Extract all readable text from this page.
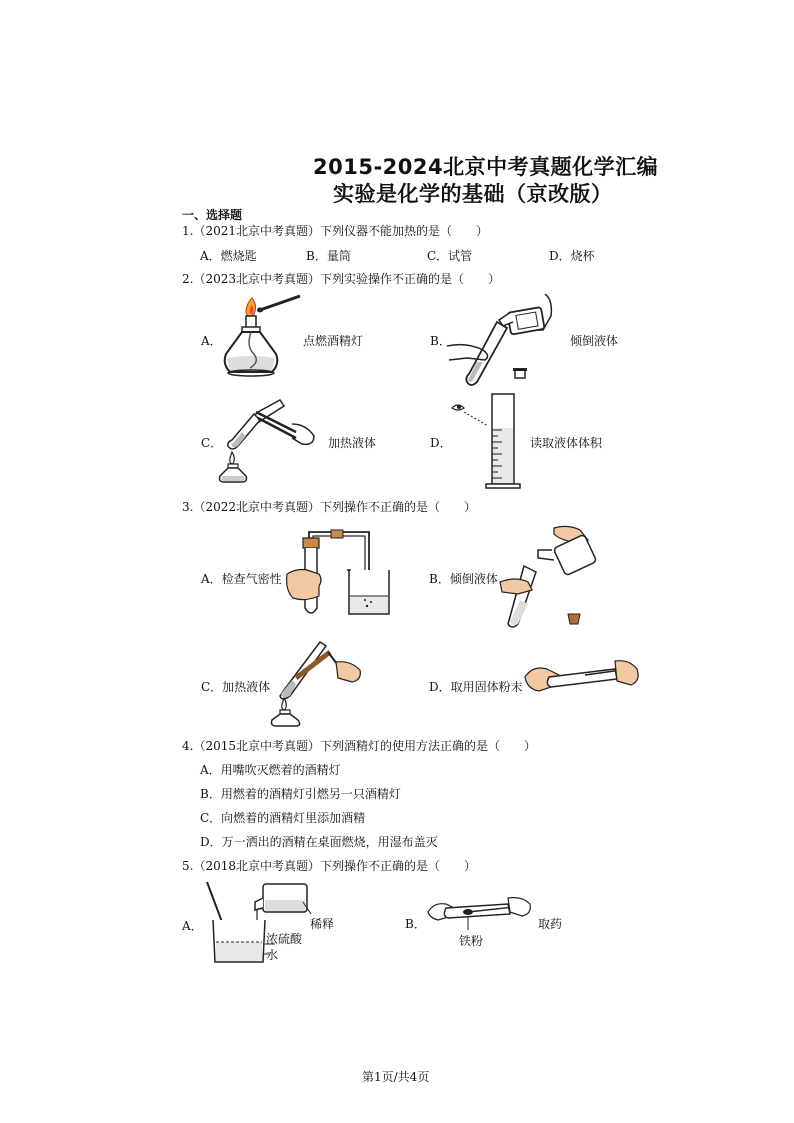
2015-2024北京中考真题化学汇编
实验是化学的基础（京改版）
一、选择题
1.（2021北京中考真题）下列仪器不能加热的是（　　）
A．燃烧匙	B．量筒	C．试管	D．烧杯
2.（2023北京中考真题）下列实验操作不正确的是（　　）
A．	点燃酒精灯	B．	倾倒液体
C．	加热液体	D．	读取液体体积
3.（2022北京中考真题）下列操作不正确的是（　　）
A．检查气密性	B．倾倒液体
C．加热液体	D．取用固体粉末
4.（2015北京中考真题）下列酒精灯的使用方法正确的是（　　）
A．用嘴吹灭燃着的酒精灯
B．用燃着的酒精灯引燃另一只酒精灯
C．向燃着的酒精灯里添加酒精
D．万一洒出的酒精在桌面燃烧，用湿布盖灭
5.（2018北京中考真题）下列操作不正确的是（　　）
A．	稀释
浓硫酸
水
B．	取药
铁粉
第1页/共4页
